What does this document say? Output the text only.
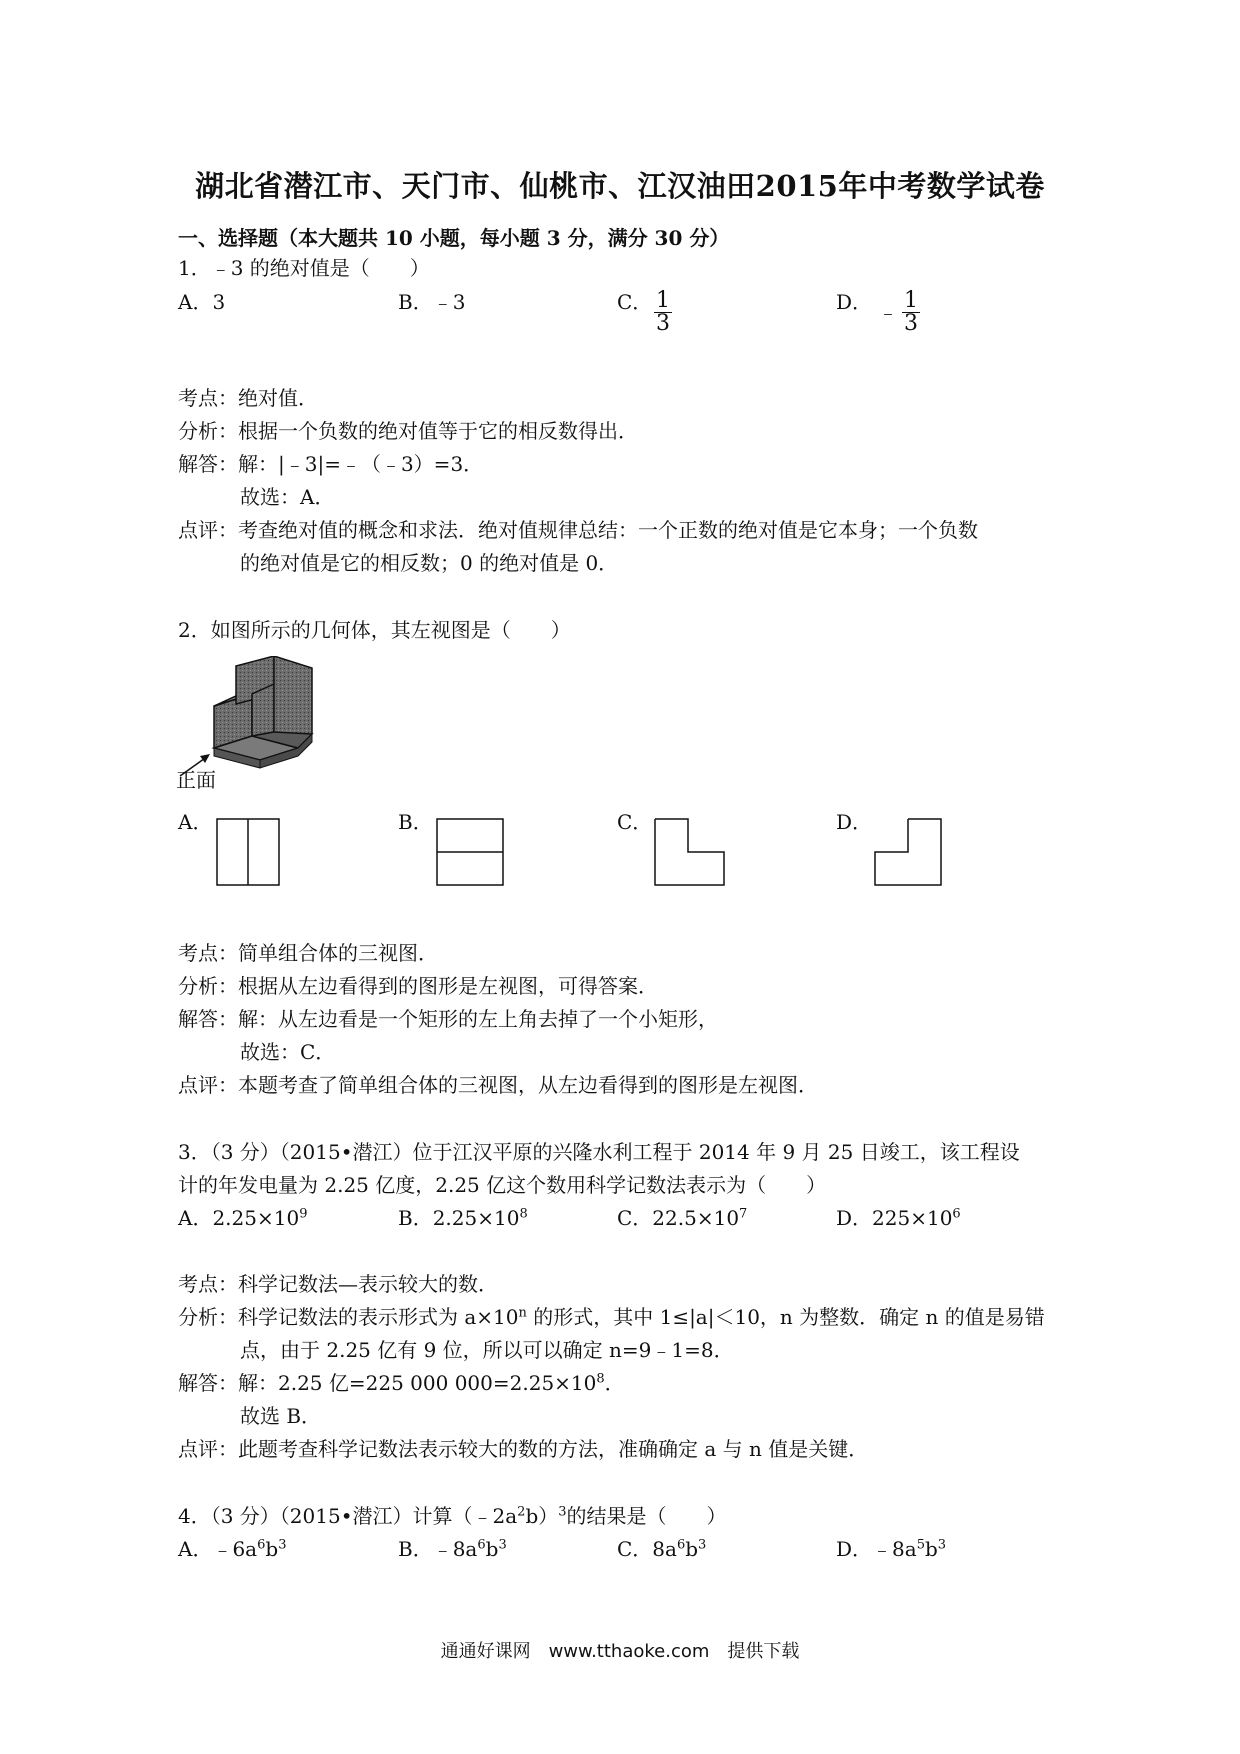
湖北省潜江市、天门市、仙桃市、江汉油田2015年中考数学试卷
一、选择题（本大题共 10 小题，每小题 3 分，满分 30 分）
1．﹣3 的绝对值是（　　）
A．3	B．﹣3	C． $\frac{1}{3}$	D． ﹣ $\frac{1}{3}$
考点：绝对值．
分析：根据一个负数的绝对值等于它的相反数得出．
解答：解：|﹣3|=﹣（﹣3）=3．
故选：A．
点评：考查绝对值的概念和求法．绝对值规律总结：一个正数的绝对值是它本身；一个负数
的绝对值是它的相反数；0 的绝对值是 0．
2．如图所示的几何体，其左视图是（　　）
正面
A．	B．	C．	D．
考点：简单组合体的三视图．
分析：根据从左边看得到的图形是左视图，可得答案．
解答：解：从左边看是一个矩形的左上角去掉了一个小矩形，
故选：C．
点评：本题考查了简单组合体的三视图，从左边看得到的图形是左视图．
3．（3 分）（2015•潜江）位于江汉平原的兴隆水利工程于 2014 年 9 月 25 日竣工，该工程设
计的年发电量为 2.25 亿度，2.25 亿这个数用科学记数法表示为（　　）
A．$2.25\times 10^9$	B．$2.25\times 10^8$	C．$22.5\times 10^7$	D．$225\times 10^6$
考点：科学记数法—表示较大的数．
分析：科学记数法的表示形式为 $a\times 10^n$ 的形式，其中 1≤|a|＜10，n 为整数．确定 n 的值是易错
点，由于 2.25 亿有 9 位，所以可以确定 n=9﹣1=8．
解答：解：2.25 亿=225 000 $000=2.25\times 10^8$．
故选 B．
点评：此题考查科学记数法表示较大的数的方法，准确确定 a 与 n 值是关键．
4．（3 分）（2015•潜江）计算$(﹣2a^2b)^3$的结果是（　　）
A．$﹣6a^6b^3$	B．$﹣8a^6b^3$	C．$8a^6b^3$	D．$﹣8a^5b^3$
通通好课网　www.tthaoke.com　提供下载
